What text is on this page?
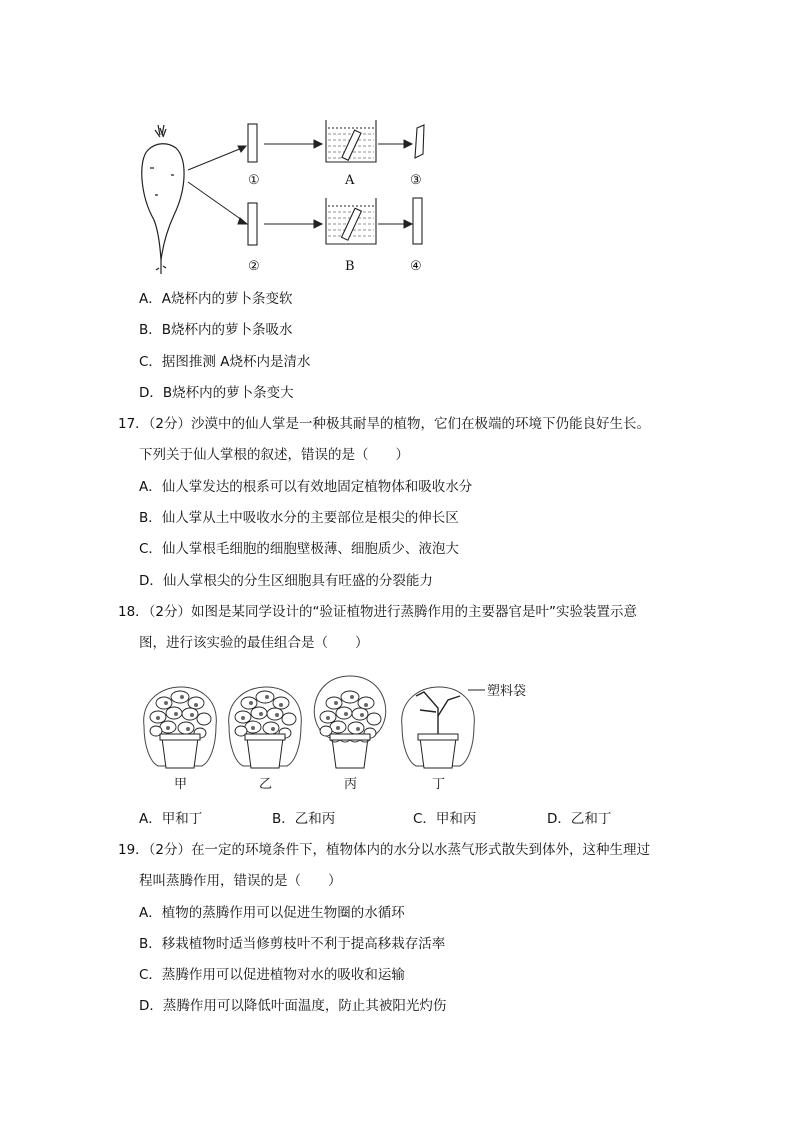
①	A	③
②	B	④
A．A烧杯内的萝卜条变软
B．B烧杯内的萝卜条吸水
C．据图推测 A烧杯内是清水
D．B烧杯内的萝卜条变大
17．（2分）沙漠中的仙人掌是一种极其耐旱的植物，它们在极端的环境下仍能良好生长。
下列关于仙人掌根的叙述，错误的是（　　）
A．仙人掌发达的根系可以有效地固定植物体和吸收水分
B．仙人掌从土中吸收水分的主要部位是根尖的伸长区
C．仙人掌根毛细胞的细胞壁极薄、细胞质少、液泡大
D．仙人掌根尖的分生区细胞具有旺盛的分裂能力
18．（2分）如图是某同学设计的“验证植物进行蒸腾作用的主要器官是叶”实验装置示意
图，进行该实验的最佳组合是（　　）
塑料袋
甲	乙	丙	丁
A．甲和丁	B．乙和丙	C．甲和丙	D．乙和丁
19．（2分）在一定的环境条件下，植物体内的水分以水蒸气形式散失到体外，这种生理过
程叫蒸腾作用，错误的是（　　）
A．植物的蒸腾作用可以促进生物圈的水循环
B．移栽植物时适当修剪枝叶不利于提高移栽存活率
C．蒸腾作用可以促进植物对水的吸收和运输
D．蒸腾作用可以降低叶面温度，防止其被阳光灼伤
